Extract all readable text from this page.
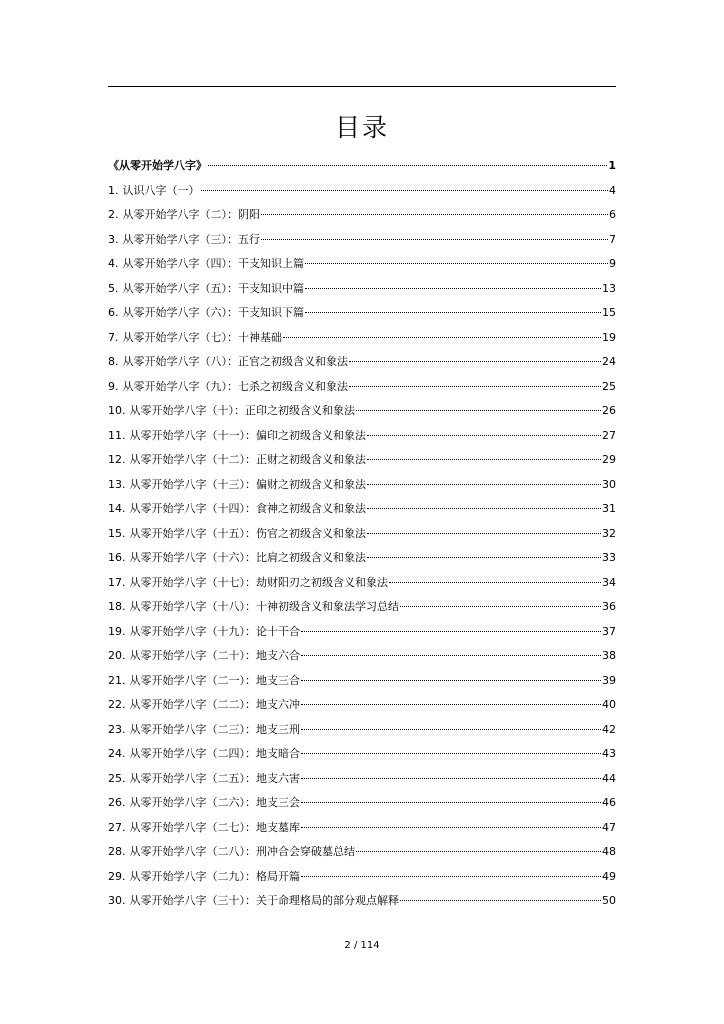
目录
《从零开始学八字》	1
1. 认识八字（一）	4
2. 从零开始学八字（二）：阴阳	6
3. 从零开始学八字（三）：五行	7
4. 从零开始学八字（四）：干支知识上篇	9
5. 从零开始学八字（五）：干支知识中篇	13
6. 从零开始学八字（六）：干支知识下篇	15
7. 从零开始学八字（七）：十神基础	19
8. 从零开始学八字（八）：正官之初级含义和象法	24
9. 从零开始学八字（九）：七杀之初级含义和象法	25
10. 从零开始学八字（十）：正印之初级含义和象法	26
11. 从零开始学八字（十一）：偏印之初级含义和象法	27
12. 从零开始学八字（十二）：正财之初级含义和象法	29
13. 从零开始学八字（十三）：偏财之初级含义和象法	30
14. 从零开始学八字（十四）：食神之初级含义和象法	31
15. 从零开始学八字（十五）：伤官之初级含义和象法	32
16. 从零开始学八字（十六）：比肩之初级含义和象法	33
17. 从零开始学八字（十七）：劫财阳刃之初级含义和象法	34
18. 从零开始学八字（十八）：十神初级含义和象法学习总结	36
19. 从零开始学八字（十九）：论十干合	37
20. 从零开始学八字（二十）：地支六合	38
21. 从零开始学八字（二一）：地支三合	39
22. 从零开始学八字（二二）：地支六冲	40
23. 从零开始学八字（二三）：地支三刑	42
24. 从零开始学八字（二四）：地支暗合	43
25. 从零开始学八字（二五）：地支六害	44
26. 从零开始学八字（二六）：地支三会	46
27. 从零开始学八字（二七）：地支墓库	47
28. 从零开始学八字（二八）：刑冲合会穿破墓总结	48
29. 从零开始学八字（二九）：格局开篇	49
30. 从零开始学八字（三十）：关于命理格局的部分观点解释	50
2 / 114
